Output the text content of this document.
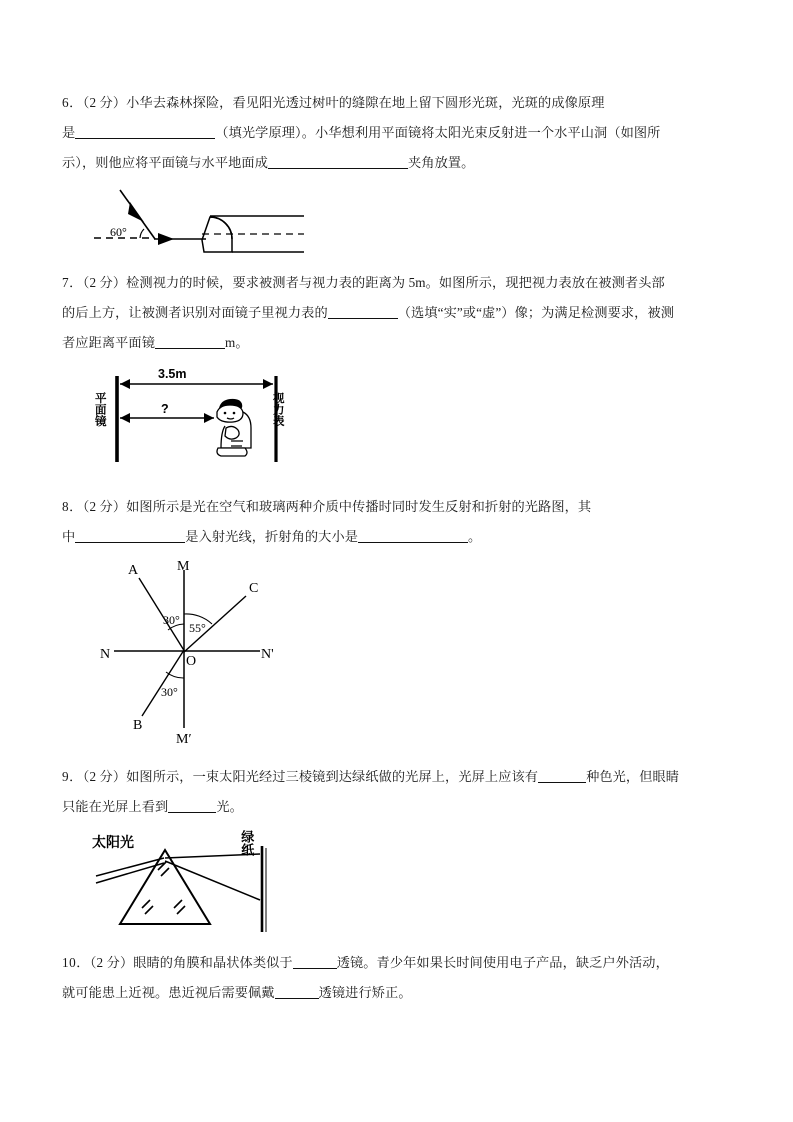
6．（2 分）小华去森林探险，看见阳光透过树叶的缝隙在地上留下圆形光斑，光斑的成像原理
是	（填光学原理）。小华想利用平面镜将太阳光束反射进一个水平山洞（如图所
示），则他应将平面镜与水平地面成	夹角放置。
60°
7．（2 分）检测视力的时候，要求被测者与视力表的距离为 5m。如图所示，现把视力表放在被测者头部
的后上方，让被测者识别对面镜子里视力表的	（选填“实”或“虚”）像；为满足检测要求，被测
者应距离平面镜	m。
3.5m
?
平面镜	视力表
8．（2 分）如图所示是光在空气和玻璃两种介质中传播时同时发生反射和折射的光路图，其
中	是入射光线，折射角的大小是	。
A	M
C
N	O	N'
B
M′
30°
55°
30°
9．（2 分）如图所示，一束太阳光经过三棱镜到达绿纸做的光屏上，光屏上应该有	种色光，但眼睛
只能在光屏上看到	光。
太阳光	绿纸
10．（2 分）眼睛的角膜和晶状体类似于	透镜。青少年如果长时间使用电子产品，缺乏户外活动，
就可能患上近视。患近视后需要佩戴	透镜进行矫正。
